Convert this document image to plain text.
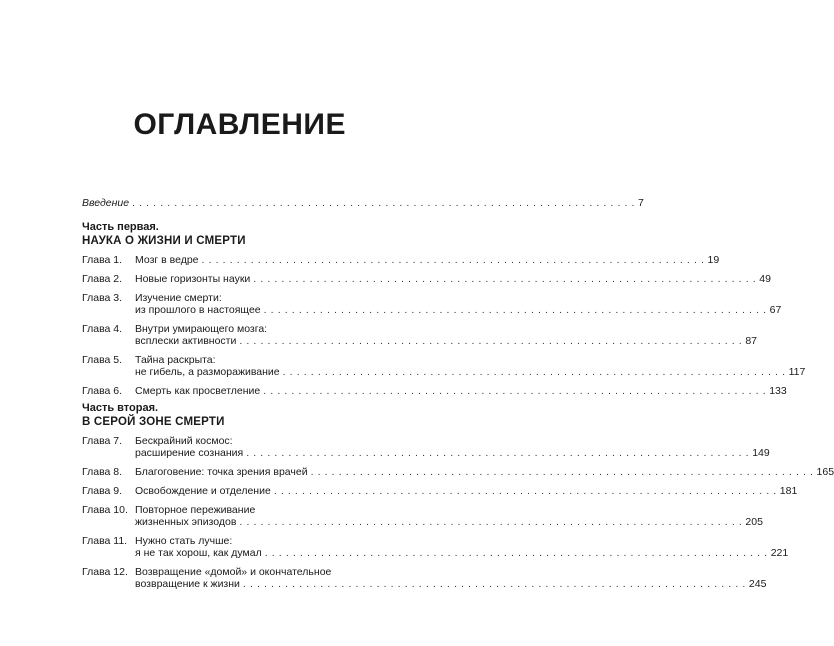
ОГЛАВЛЕНИЕ
Введение . . .	7
Часть первая.
НАУКА О ЖИЗНИ И СМЕРТИ
Глава 1.	Мозг в ведре . . .	19
Глава 2.	Новые горизонты науки . . .	49
Глава 3.	Изучение смерти:
из прошлого в настоящее . . .	67
Глава 4.	Внутри умирающего мозга:
всплески активности . . .	87
Глава 5.	Тайна раскрыта:
не гибель, а размораживание . . .	117
Глава 6.	Смерть как просветление . . .	133
Часть вторая.
В СЕРОЙ ЗОНЕ СМЕРТИ
Глава 7.	Бескрайний космос:
расширение сознания . . .	149
Глава 8.	Благоговение: точка зрения врачей . . .	165
Глава 9.	Освобождение и отделение . . .	181
Глава 10. Повторное переживание
жизненных эпизодов . . .	205
Глава 11. Нужно стать лучше:
я не так хорош, как думал . . .	221
Глава 12. Возвращение «домой» и окончательное
возвращение к жизни . . .	245
